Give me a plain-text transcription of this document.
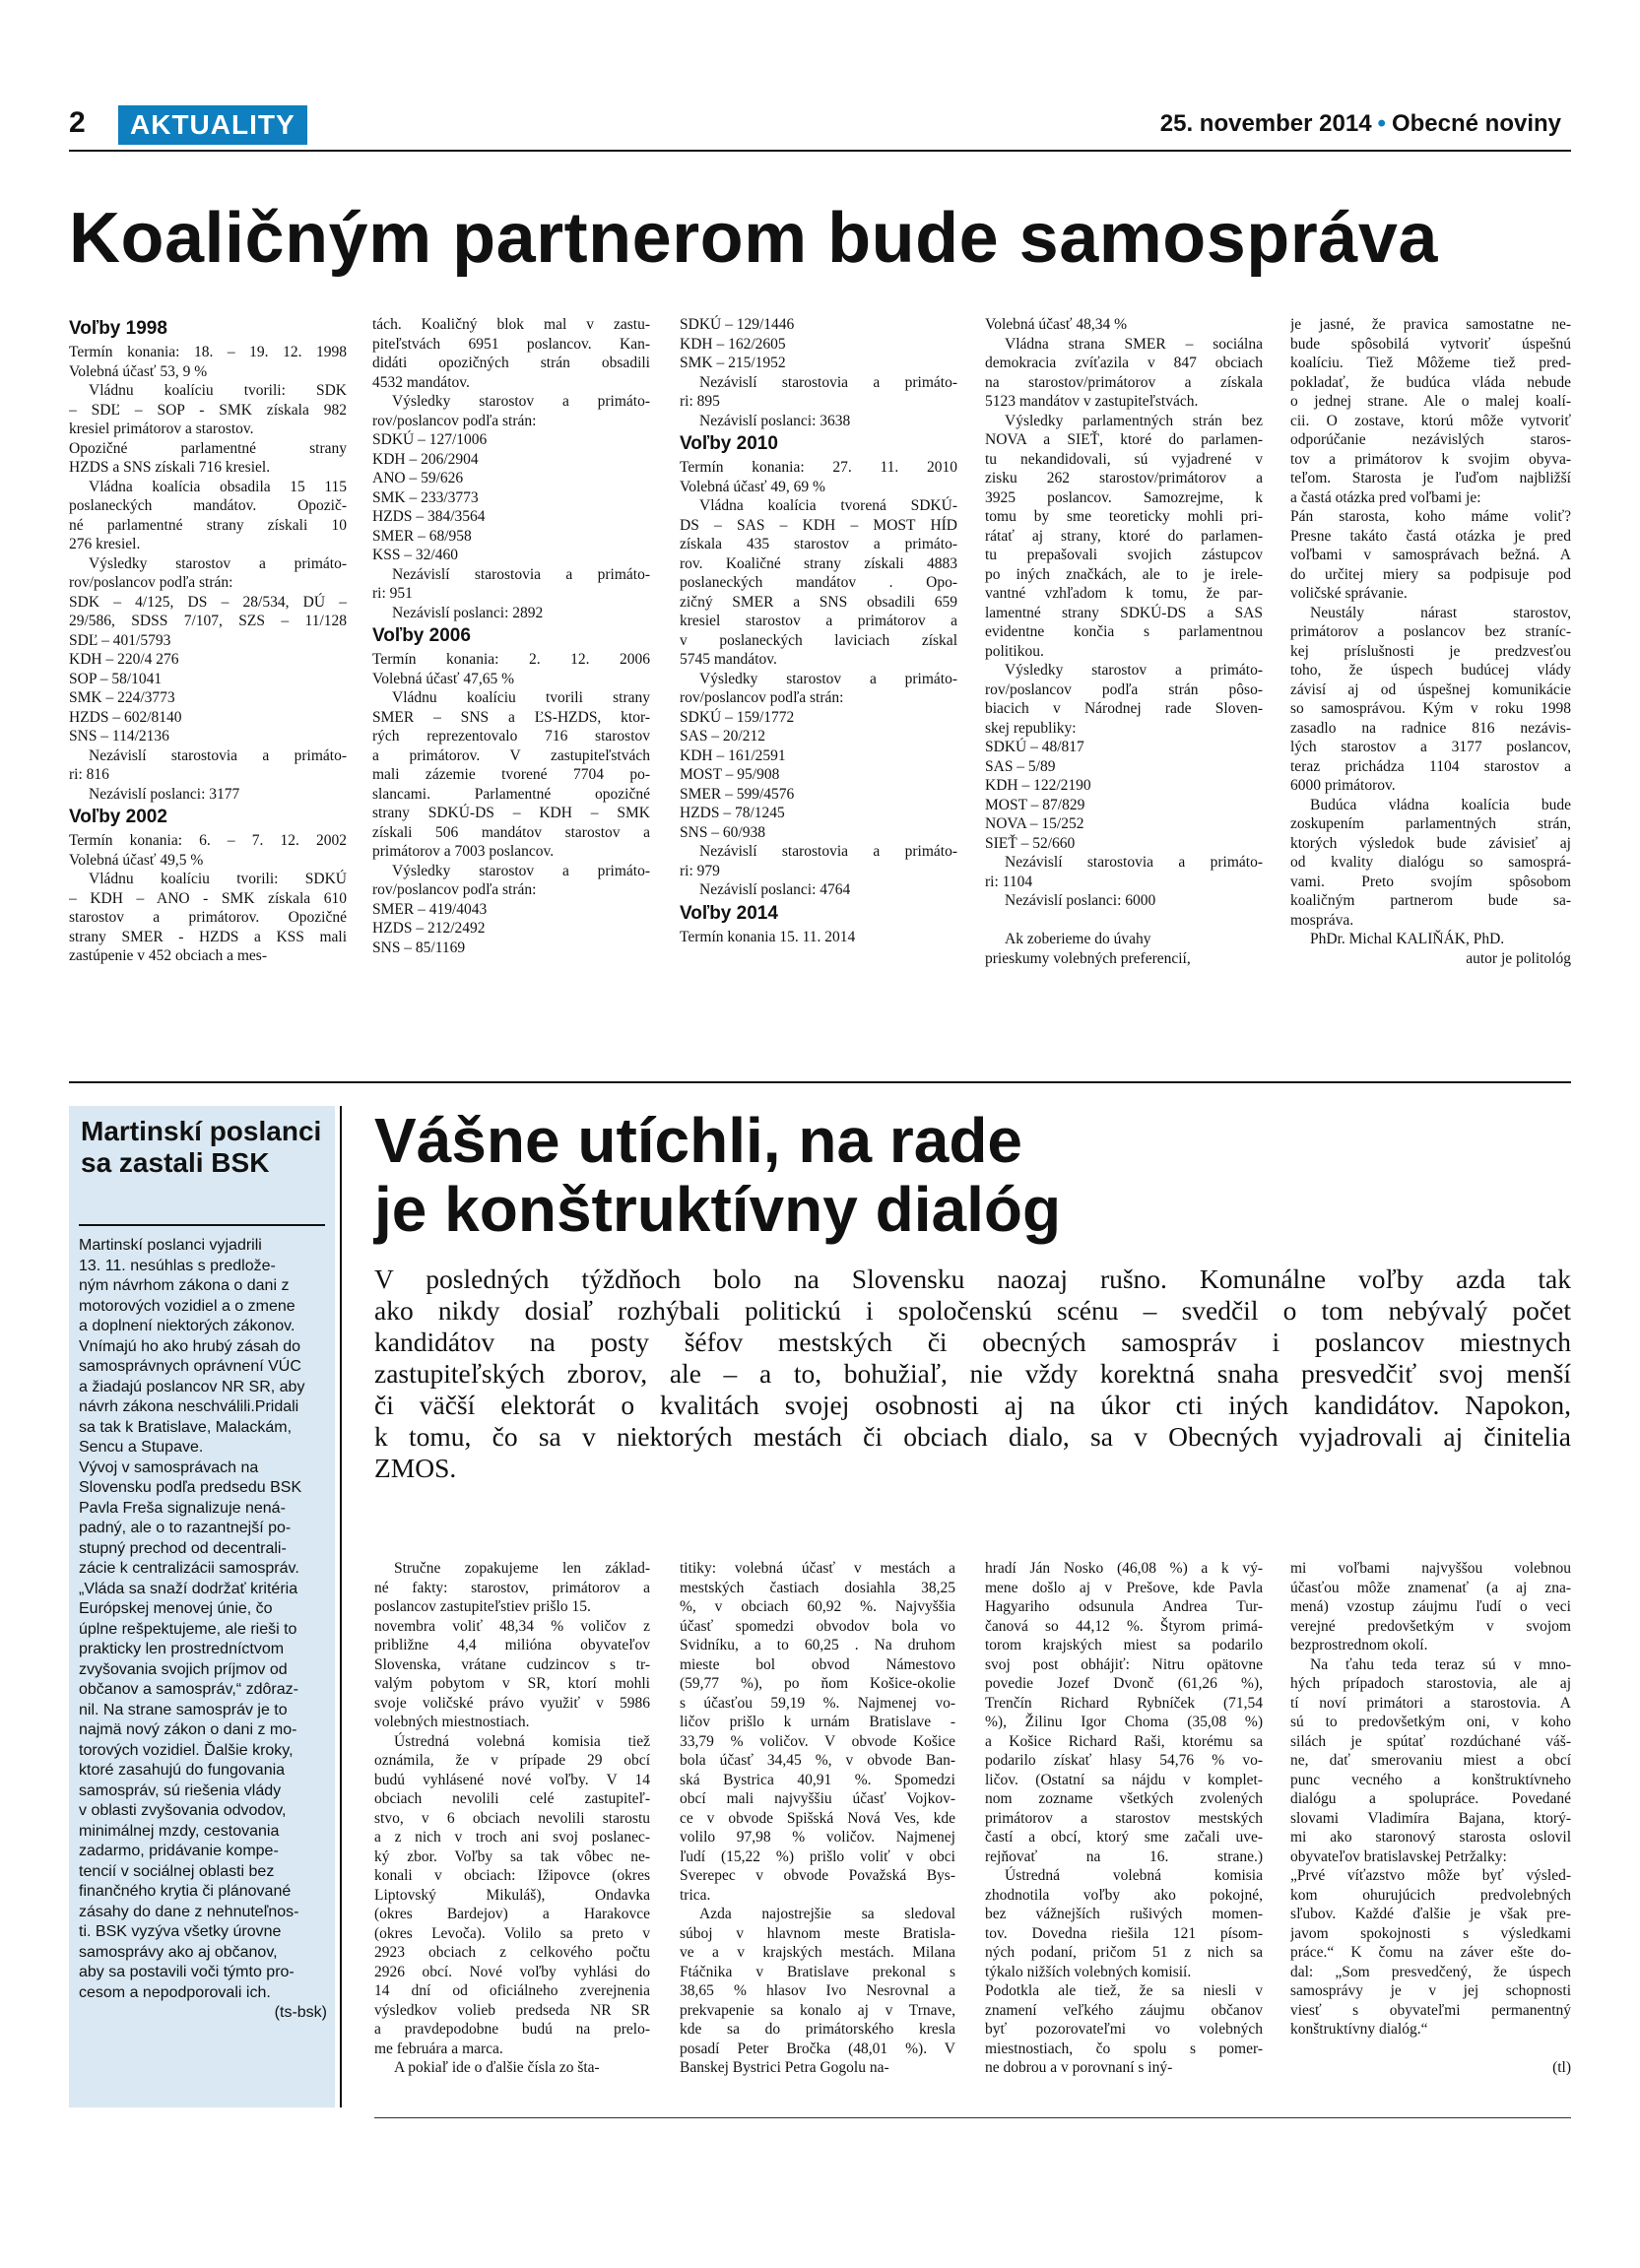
2	AKTUALITY	25. november 2014 • Obecné noviny
Koaličným partnerom bude samospráva
Voľby 1998
Termín konania: 18. – 19. 12. 1998
Volebná účasť 53, 9 %
Vládnu koalíciu tvorili: SDK
– SDĽ – SOP - SMK získala 982
kresiel primátorov a starostov.
Opozičné parlamentné strany
HZDS a SNS získali 716 kresiel.
Vládna koalícia obsadila 15 115
poslaneckých mandátov. Opozič-
né parlamentné strany získali 10
276 kresiel.
Výsledky starostov a primáto-
rov/poslancov podľa strán:
SDK – 4/125, DS – 28/534, DÚ –
29/586, SDSS 7/107, SZS – 11/128
SDĽ – 401/5793
KDH – 220/4 276
SOP – 58/1041
SMK – 224/3773
HZDS – 602/8140
SNS – 114/2136
Nezávislí starostovia a primáto-
ri: 816
Nezávislí poslanci: 3177
Voľby 2002
Termín konania: 6. – 7. 12. 2002
Volebná účasť 49,5 %
Vládnu koalíciu tvorili: SDKÚ
– KDH – ANO - SMK získala 610
starostov a primátorov. Opozičné
strany SMER - HZDS a KSS mali
zastúpenie v 452 obciach a mes-
tách. Koaličný blok mal v zastu-
piteľstvách 6951 poslancov. Kan-
didáti opozičných strán obsadili
4532 mandátov.
Výsledky starostov a primáto-
rov/poslancov podľa strán:
SDKÚ – 127/1006
KDH – 206/2904
ANO – 59/626
SMK – 233/3773
HZDS – 384/3564
SMER – 68/958
KSS – 32/460
Nezávislí starostovia a primáto-
ri: 951
Nezávislí poslanci: 2892
Voľby 2006
Termín konania: 2. 12. 2006
Volebná účasť 47,65 %
Vládnu koalíciu tvorili strany
SMER – SNS a ĽS-HZDS, ktor-
rých reprezentovalo 716 starostov
a primátorov. V zastupiteľstvách
mali zázemie tvorené 7704 po-
slancami. Parlamentné opozičné
strany SDKÚ-DS – KDH – SMK
získali 506 mandátov starostov a
primátorov a 7003 poslancov.
Výsledky starostov a primáto-
rov/poslancov podľa strán:
SMER – 419/4043
HZDS – 212/2492
SNS – 85/1169
SDKÚ – 129/1446
KDH – 162/2605
SMK – 215/1952
Nezávislí starostovia a primáto-
ri: 895
Nezávislí poslanci: 3638
Voľby 2010
Termín konania: 27. 11. 2010
Volebná účasť 49, 69 %
Vládna koalícia tvorená SDKÚ-
DS – SAS – KDH – MOST HÍD
získala 435 starostov a primáto-
rov. Koaličné strany získali 4883
poslaneckých mandátov . Opo-
zičný SMER a SNS obsadili 659
kresiel starostov a primátorov a
v poslaneckých laviciach získal
5745 mandátov.
Výsledky starostov a primáto-
rov/poslancov podľa strán:
SDKÚ – 159/1772
SAS – 20/212
KDH – 161/2591
MOST – 95/908
SMER – 599/4576
HZDS – 78/1245
SNS – 60/938
Nezávislí starostovia a primáto-
ri: 979
Nezávislí poslanci: 4764
Voľby 2014
Termín konania 15. 11. 2014
Volebná účasť 48,34 %
Vládna strana SMER – sociálna
demokracia zvíťazila v 847 obciach
na starostov/primátorov a získala
5123 mandátov v zastupiteľstvách.
Výsledky parlamentných strán bez
NOVA a SIEŤ, ktoré do parlamen-
tu nekandidovali, sú vyjadrené v
zisku 262 starostov/primátorov a
3925 poslancov. Samozrejme, k
tomu by sme teoreticky mohli pri-
rátať aj strany, ktoré do parlamen-
tu prepašovali svojich zástupcov
po iných značkách, ale to je irele-
vantné vzhľadom k tomu, že par-
lamentné strany SDKÚ-DS a SAS
evidentne končia s parlamentnou
politikou.
Výsledky starostov a primáto-
rov/poslancov podľa strán pôso-
biacich v Národnej rade Sloven-
skej republiky:
SDKÚ – 48/817
SAS – 5/89
KDH – 122/2190
MOST – 87/829
NOVA – 15/252
SIEŤ – 52/660
Nezávislí starostovia a primáto-
ri: 1104
Nezávislí poslanci: 6000
Ak zoberieme do úvahy
prieskumy volebných preferencií,
je jasné, že pravica samostatne ne-
bude spôsobilá vytvoriť úspešnú
koalíciu. Tiež Môžeme tiež pred-
pokladať, že budúca vláda nebude
o jednej strane. Ale o malej koalí-
cii. O zostave, ktorú môže vytvoriť
odporúčanie nezávislých staros-
tov a primátorov k svojim obyva-
teľom. Starosta je ľuďom najbližší
a častá otázka pred voľbami je:
Pán starosta, koho máme voliť?
Presne takáto častá otázka je pred
voľbami v samosprávach bežná. A
do určitej miery sa podpisuje pod
voličské správanie.
Neustály nárast starostov,
primátorov a poslancov bez straníc-
kej príslušnosti je predzvesťou
toho, že úspech budúcej vlády
závisí aj od úspešnej komunikácie
so samosprávou. Kým v roku 1998
zasadlo na radnice 816 nezávis-
lých starostov a 3177 poslancov,
teraz prichádza 1104 starostov a
6000 primátorov.
Budúca vládna koalícia bude
zoskupením parlamentných strán,
ktorých výsledok bude závisieť aj
od kvality dialógu so samosprá-
vami. Preto svojím spôsobom
koaličným partnerom bude sa-
mospráva.
PhDr. Michal KALIŇÁK, PhD.
autor je politológ
Martinskí poslanci sa zastali BSK
Martinskí poslanci vyjadrili
13. 11. nesúhlas s predlože-
ným návrhom zákona o dani z
motorových vozidiel a o zmene
a doplnení niektorých zákonov.
Vnímajú ho ako hrubý zásah do
samosprávnych oprávnení VÚC
a žiadajú poslancov NR SR, aby
návrh zákona neschválili.Pridali
sa tak k Bratislave, Malackám,
Sencu a Stupave.
Vývoj v samosprávach na
Slovensku podľa predsedu BSK
Pavla Freša signalizuje nená-
padný, ale o to razantnejší po-
stupný prechod od decentrali-
zácie k centralizácii samospráv.
„Vláda sa snaží dodržať kritéria
Európskej menovej únie, čo
úplne rešpektujeme, ale rieši to
prakticky len prostredníctvom
zvyšovania svojich príjmov od
občanov a samospráv,“ zdôraz-
nil. Na strane samospráv je to
najmä nový zákon o dani z mo-
torových vozidiel. Ďalšie kroky,
ktoré zasahujú do fungovania
samospráv, sú riešenia vlády
v oblasti zvyšovania odvodov,
minimálnej mzdy, cestovania
zadarmo, pridávanie kompe-
tencií v sociálnej oblasti bez
finančného krytia či plánované
zásahy do dane z nehnuteľnos-
ti. BSK vyzýva všetky úrovne
samosprávy ako aj občanov,
aby sa postavili voči týmto pro-
cesom a nepodporovali ich.
(ts-bsk)
Vášne utíchli, na rade
je konštruktívny dialóg
V posledných týždňoch bolo na Slovensku naozaj rušno. Komunálne voľby azda tak
ako nikdy dosiaľ rozhýbali politickú i spoločenskú scénu – svedčil o tom nebývalý počet
kandidátov na posty šéfov mestských či obecných samospráv i poslancov miestnych
zastupiteľských zborov, ale – a to, bohužiaľ, nie vždy korektná snaha presvedčiť svoj menší
či väčší elektorát o kvalitách svojej osobnosti aj na úkor cti iných kandidátov. Napokon,
k tomu, čo sa v niektorých mestách či obciach dialo, sa v Obecných vyjadrovali aj činitelia
ZMOS.
Stručne zopakujeme len základ-
né fakty: starostov, primátorov a
poslancov zastupiteľstiev prišlo 15.
novembra voliť 48,34 % voličov z
približne 4,4 milióna obyvateľov
Slovenska, vrátane cudzincov s tr-
valým pobytom v SR, ktorí mohli
svoje voličské právo využiť v 5986
volebných miestnostiach.
Ústredná volebná komisia tiež
oznámila, že v prípade 29 obcí
budú vyhlásené nové voľby. V 14
obciach nevolili celé zastupiteľ-
stvo, v 6 obciach nevolili starostu
a z nich v troch ani svoj poslanec-
ký zbor. Voľby sa tak vôbec ne-
konali v obciach: Ižipovce (okres
Liptovský Mikuláš), Ondavka
(okres Bardejov) a Harakovce
(okres Levoča). Volilo sa preto v
2923 obciach z celkového počtu
2926 obcí. Nové voľby vyhlási do
14 dní od oficiálneho zverejnenia
výsledkov volieb predseda NR SR
a pravdepodobne budú na prelo-
me februára a marca.
A pokiaľ ide o ďalšie čísla zo šta-
titiky: volebná účasť v mestách a
mestských častiach dosiahla 38,25
%, v obciach 60,92 %. Najvyššia
účasť spomedzi obvodov bola vo
Svidníku, a to 60,25 . Na druhom
mieste bol obvod Námestovo
(59,77 %), po ňom Košice-okolie
s účasťou 59,19 %. Najmenej vo-
ličov prišlo k urnám Bratislave -
33,79 % voličov. V obvode Košice
bola účasť 34,45 %, v obvode Ban-
ská Bystrica 40,91 %. Spomedzi
obcí mali najvyššiu účasť Vojkov-
ce v obvode Spišská Nová Ves, kde
volilo 97,98 % voličov. Najmenej
ľudí (15,22 %) prišlo voliť v obci
Sverepec v obvode Považská Bys-
trica.
Azda najostrejšie sa sledoval
súboj v hlavnom meste Bratisla-
ve a v krajských mestách. Milana
Ftáčnika v Bratislave prekonal s
38,65 % hlasov Ivo Nesrovnal a
prekvapenie sa konalo aj v Trnave,
kde sa do primátorského kresla
posadí Peter Bročka (48,01 %). V
Banskej Bystrici Petra Gogolu na-
hradí Ján Nosko (46,08 %) a k vý-
mene došlo aj v Prešove, kde Pavla
Hagyariho odsunula Andrea Tur-
čanová so 44,12 %. Štyrom primá-
torom krajských miest sa podarilo
svoj post obhájiť: Nitru opätovne
povedie Jozef Dvonč (61,26 %),
Trenčín Richard Rybníček (71,54
%), Žilinu Igor Choma (35,08 %)
a Košice Richard Raši, ktorému sa
podarilo získať hlasy 54,76 % vo-
ličov. (Ostatní sa nájdu v komplet-
nom zozname všetkých zvolených
primátorov a starostov mestských
častí a obcí, ktorý sme začali uve-
rejňovať na 16. strane.)
Ústredná volebná komisia
zhodnotila voľby ako pokojné,
bez vážnejších rušivých momen-
tov. Dovedna riešila 121 písom-
ných podaní, pričom 51 z nich sa
týkalo nižších volebných komisií.
Podotkla ale tiež, že sa niesli v
znamení veľkého záujmu občanov
byť pozorovateľmi vo volebných
miestnostiach, čo spolu s pomer-
ne dobrou a v porovnaní s iný-
mi voľbami najvyššou volebnou
účasťou môže znamenať (a aj zna-
mená) vzostup záujmu ľudí o veci
verejné predovšetkým v svojom
bezprostrednom okolí.
Na ťahu teda teraz sú v mno-
hých prípadoch starostovia, ale aj
tí noví primátori a starostovia. A
sú to predovšetkým oni, v koho
silách je spútať rozdúchané váš-
ne, dať smerovaniu miest a obcí
punc vecného a konštruktívneho
dialógu a spolupráce. Povedané
slovami Vladimíra Bajana, ktorý-
mi ako staronový starosta oslovil
obyvateľov bratislavskej Petržalky:
„Prvé víťazstvo môže byť výsled-
kom ohurujúcich predvolebných
sľubov. Každé ďalšie je však pre-
javom spokojnosti s výsledkami
práce.“ K čomu na záver ešte do-
dal: „Som presvedčený, že úspech
samosprávy je v jej schopnosti
viesť s obyvateľmi permanentný
konštruktívny dialóg.“
(tl)
